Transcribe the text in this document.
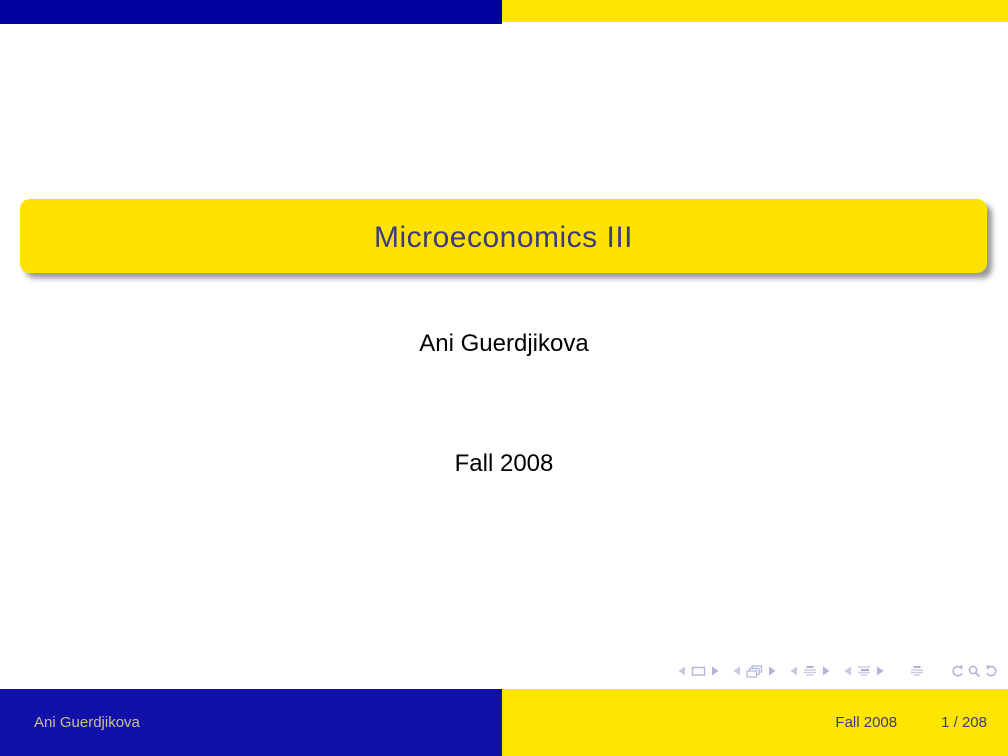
Microeconomics III
Ani Guerdjikova
Fall 2008
Ani Guerdjikova	Fall 2008	1 / 208
